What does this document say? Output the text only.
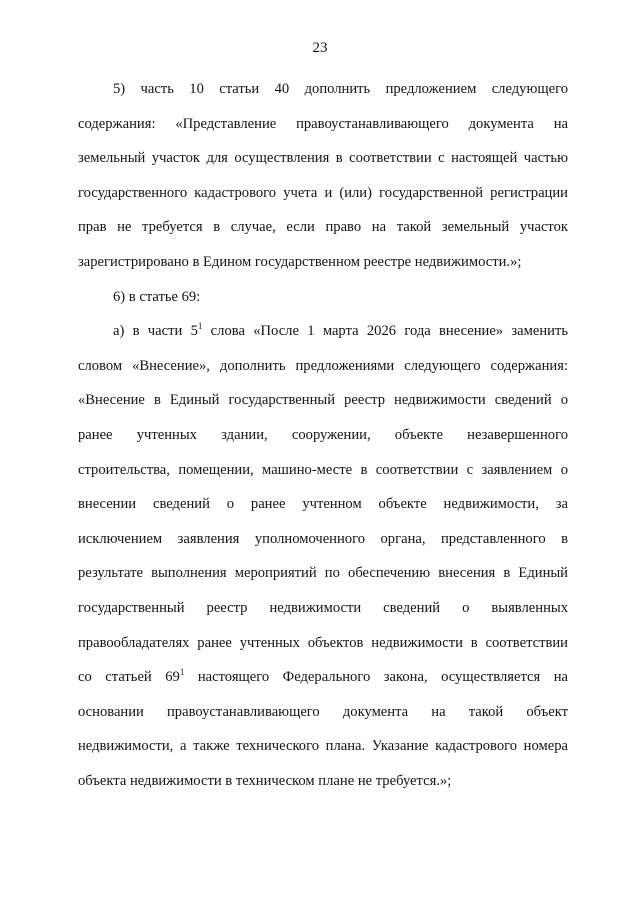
23
5) часть 10 статьи 40 дополнить предложением следующего
содержания: «Представление правоустанавливающего документа на
земельный участок для осуществления в соответствии с настоящей частью
государственного кадастрового учета и (или) государственной регистрации
прав не требуется в случае, если право на такой земельный участок
зарегистрировано в Едином государственном реестре недвижимости.»;
6) в статье 69:
а) в части $5^1$ слова «После 1 марта 2026 года внесение» заменить
словом «Внесение», дополнить предложениями следующего содержания:
«Внесение в Единый государственный реестр недвижимости сведений о
ранее учтенных здании, сооружении, объекте незавершенного
строительства, помещении, машино-месте в соответствии с заявлением о
внесении сведений о ранее учтенном объекте недвижимости, за
исключением заявления уполномоченного органа, представленного в
результате выполнения мероприятий по обеспечению внесения в Единый
государственный реестр недвижимости сведений о выявленных
правообладателях ранее учтенных объектов недвижимости в соответствии
со статьей $69^1$ настоящего Федерального закона, осуществляется на
основании правоустанавливающего документа на такой объект
недвижимости, а также технического плана. Указание кадастрового номера
объекта недвижимости в техническом плане не требуется.»;
